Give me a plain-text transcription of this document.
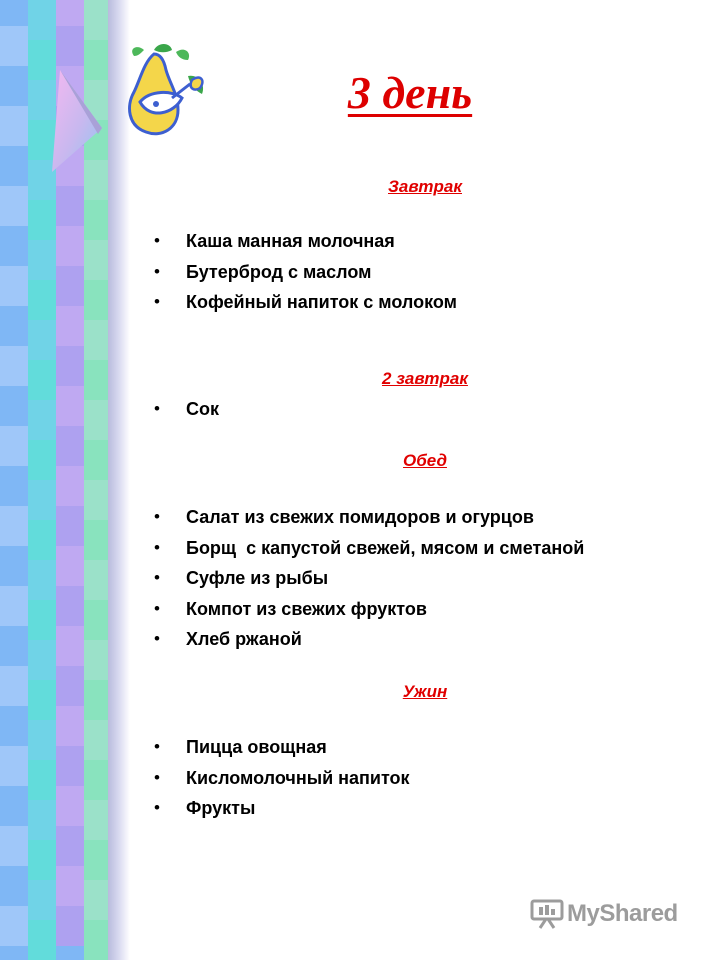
3 день
Завтрак
• Каша манная молочная
• Бутерброд с маслом
• Кофейный напиток с молоком
2 завтрак
• Сок
Обед
• Салат из свежих помидоров и огурцов
• Борщ  с капустой свежей, мясом и сметаной
• Суфле из рыбы
• Компот из свежих фруктов
• Хлеб ржаной
Ужин
• Пицца овощная
• Кисломолочный напиток
• Фрукты
MyShared
